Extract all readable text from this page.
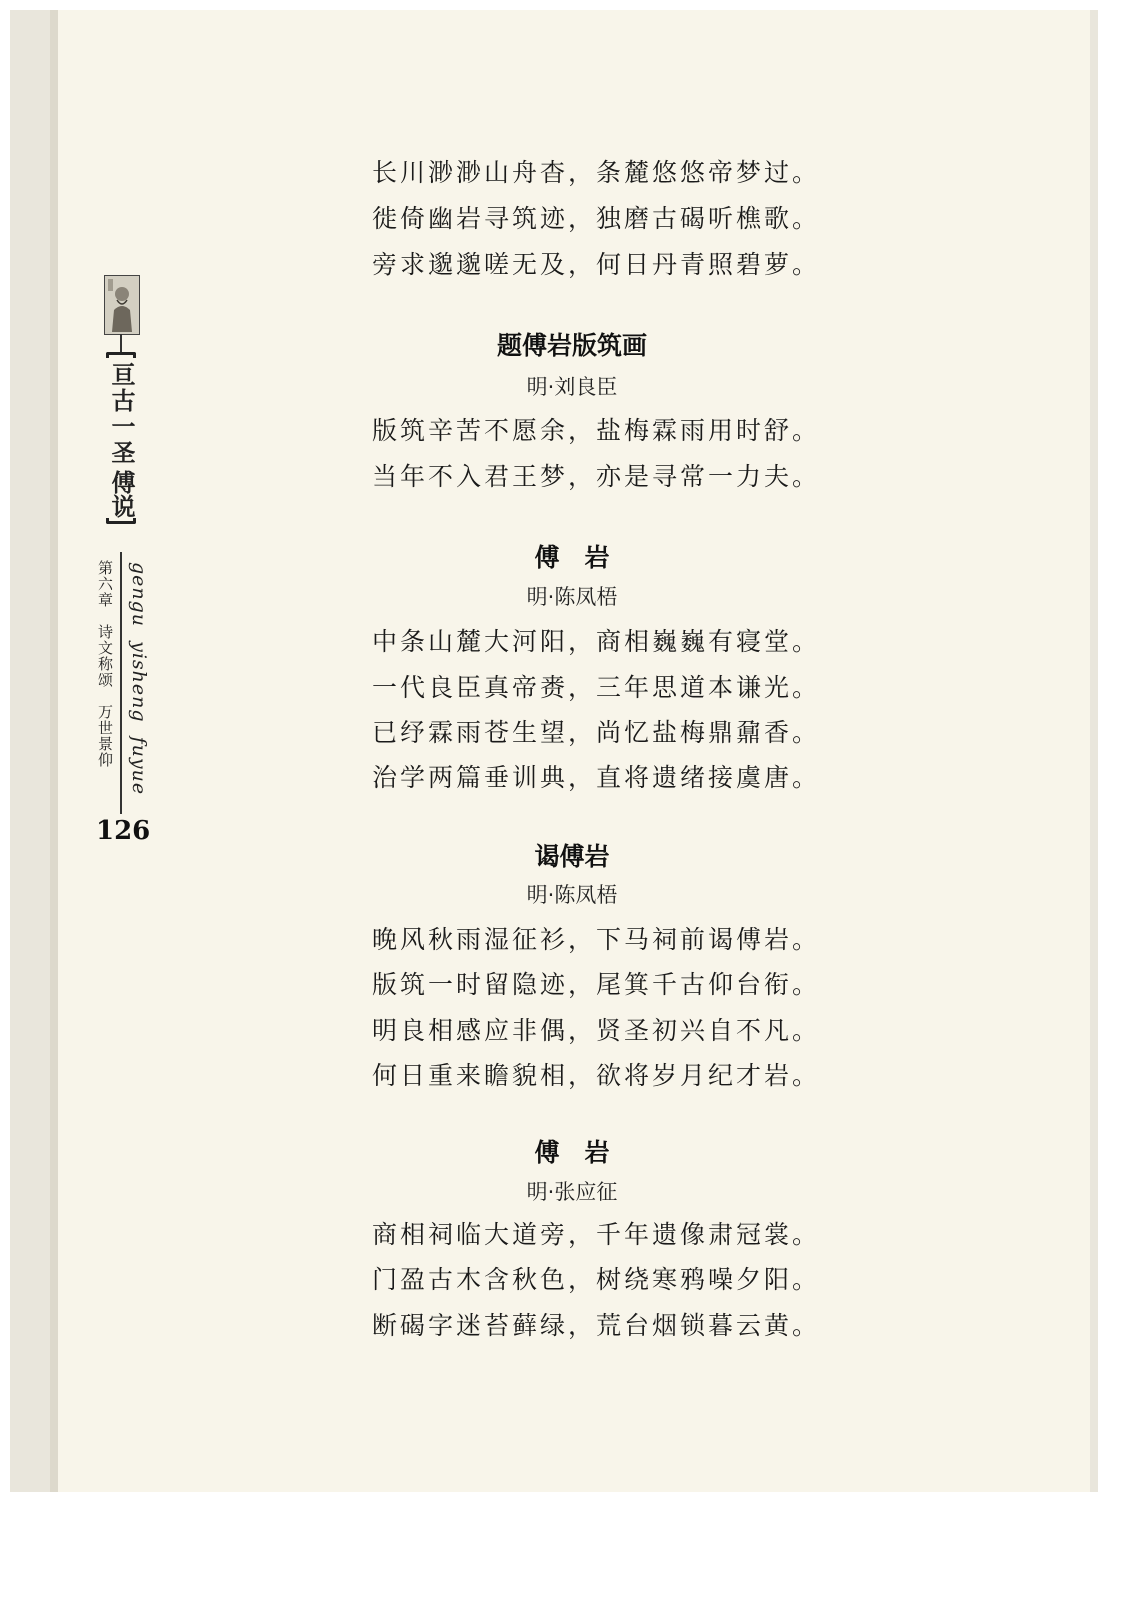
亘古一圣
傅说
第六章　诗文称颂　万世景仰 gengu  yisheng  fuyue
126
长川渺渺山舟杳，条麓悠悠帝梦过。
徙倚幽岩寻筑迹，独磨古碣听樵歌。
旁求邈邈嗟无及，何日丹青照碧萝。
题傅岩版筑画
明·刘良臣
版筑辛苦不愿余，盐梅霖雨用时舒。
当年不入君王梦，亦是寻常一力夫。
傅　岩
明·陈凤梧
中条山麓大河阳，商相巍巍有寝堂。
一代良臣真帝赉，三年思道本谦光。
已纾霖雨苍生望，尚忆盐梅鼎鼐香。
治学两篇垂训典，直将遗绪接虞唐。
谒傅岩
明·陈凤梧
晚风秋雨湿征衫，下马祠前谒傅岩。
版筑一时留隐迹，尾箕千古仰台衔。
明良相感应非偶，贤圣初兴自不凡。
何日重来瞻貌相，欲将岁月纪才岩。
傅　岩
明·张应征
商相祠临大道旁，千年遗像肃冠裳。
门盈古木含秋色，树绕寒鸦噪夕阳。
断碣字迷苔藓绿，荒台烟锁暮云黄。
